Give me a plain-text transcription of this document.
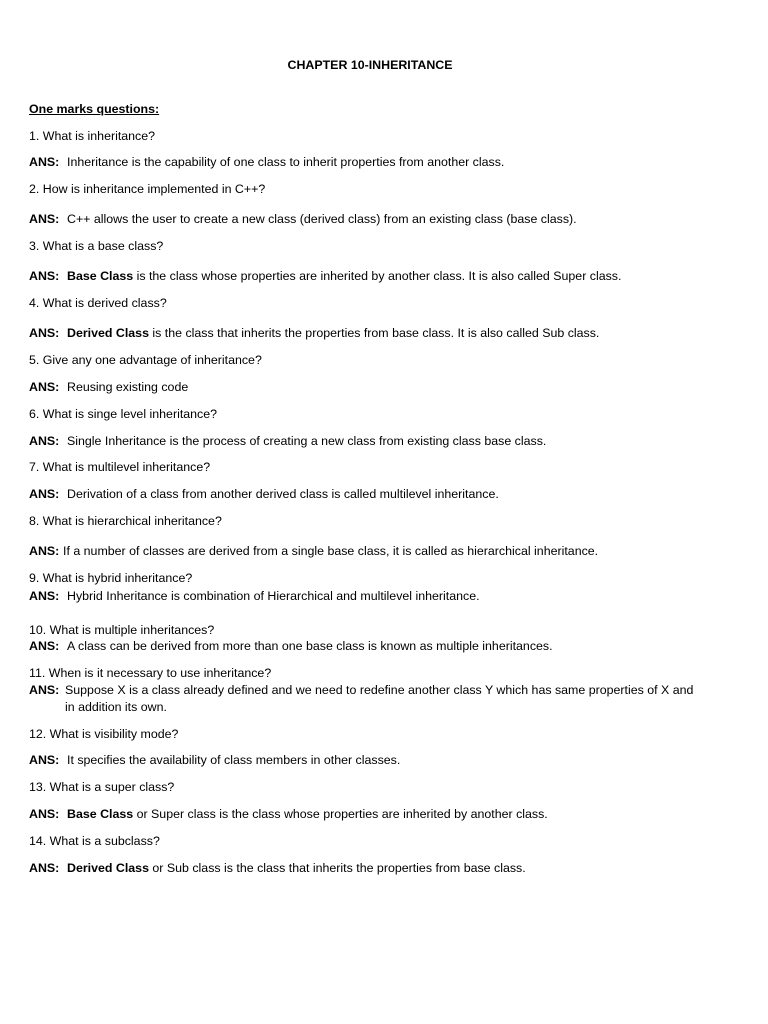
CHAPTER 10-INHERITANCE
One marks questions:
1. What is inheritance?
ANS: Inheritance is the capability of one class to inherit properties from another class.
2. How is inheritance implemented in C++?
ANS: C++ allows the user to create a new class (derived class) from an existing class (base class).
3. What is a base class?
ANS: Base Class is the class whose properties are inherited by another class. It is also called Super class.
4. What is derived class?
ANS: Derived Class is the class that inherits the properties from base class. It is also called Sub class.
5. Give any one advantage of inheritance?
ANS: Reusing existing code
6. What is singe level inheritance?
ANS: Single Inheritance is the process of creating a new class from existing class base class.
7. What is multilevel inheritance?
ANS: Derivation of a class from another derived class is called multilevel inheritance.
8. What is hierarchical inheritance?
ANS: If a number of classes are derived from a single base class, it is called as hierarchical inheritance.
9. What is hybrid inheritance?
ANS: Hybrid Inheritance is combination of Hierarchical and multilevel inheritance.
10. What is multiple inheritances?
ANS: A class can be derived from more than one base class is known as multiple inheritances.
11. When is it necessary to use inheritance?
ANS: Suppose X is a class already defined and we need to redefine another class Y which has same properties of X and
in addition its own.
12. What is visibility mode?
ANS: It specifies the availability of class members in other classes.
13. What is a super class?
ANS: Base Class or Super class is the class whose properties are inherited by another class.
14. What is a subclass?
ANS: Derived Class or Sub class is the class that inherits the properties from base class.
